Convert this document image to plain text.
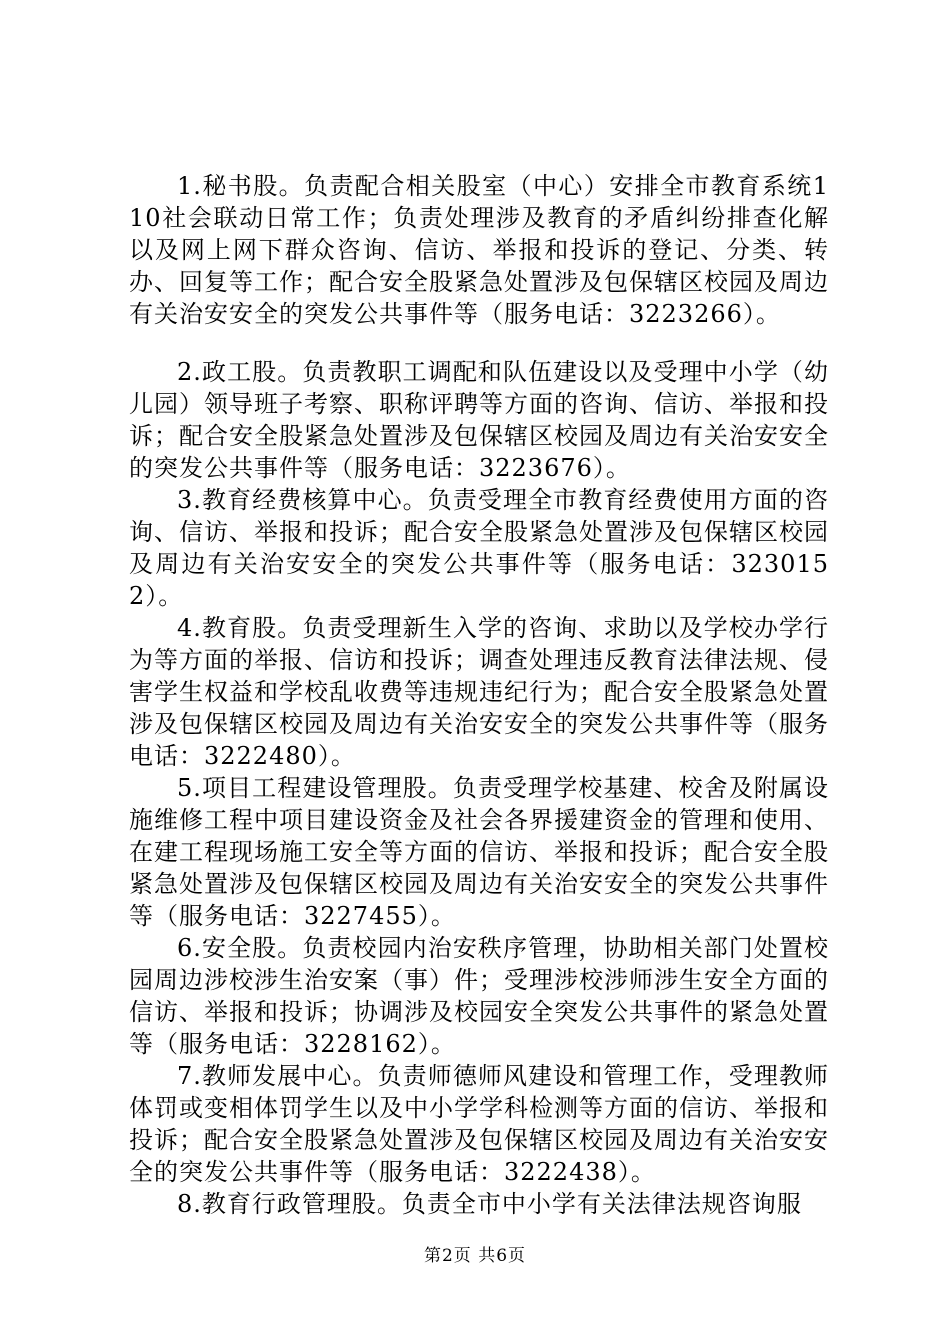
1.秘书股。负责配合相关股室（中心）安排全市教育系统110社会联动日常工作；负责处理涉及教育的矛盾纠纷排查化解以及网上网下群众咨询、信访、举报和投诉的登记、分类、转办、回复等工作；配合安全股紧急处置涉及包保辖区校园及周边有关治安安全的突发公共事件等（服务电话：3223266）。

2.政工股。负责教职工调配和队伍建设以及受理中小学（幼儿园）领导班子考察、职称评聘等方面的咨询、信访、举报和投诉；配合安全股紧急处置涉及包保辖区校园及周边有关治安安全的突发公共事件等（服务电话：3223676）。

3.教育经费核算中心。负责受理全市教育经费使用方面的咨询、信访、举报和投诉；配合安全股紧急处置涉及包保辖区校园及周边有关治安安全的突发公共事件等（服务电话：3230152）。

4.教育股。负责受理新生入学的咨询、求助以及学校办学行为等方面的举报、信访和投诉；调查处理违反教育法律法规、侵害学生权益和学校乱收费等违规违纪行为；配合安全股紧急处置涉及包保辖区校园及周边有关治安安全的突发公共事件等（服务电话：3222480）。

5.项目工程建设管理股。负责受理学校基建、校舍及附属设施维修工程中项目建设资金及社会各界援建资金的管理和使用、在建工程现场施工安全等方面的信访、举报和投诉；配合安全股紧急处置涉及包保辖区校园及周边有关治安安全的突发公共事件等（服务电话：3227455）。

6.安全股。负责校园内治安秩序管理，协助相关部门处置校园周边涉校涉生治安案（事）件；受理涉校涉师涉生安全方面的信访、举报和投诉；协调涉及校园安全突发公共事件的紧急处置等（服务电话：3228162）。

7.教师发展中心。负责师德师风建设和管理工作，受理教师体罚或变相体罚学生以及中小学学科检测等方面的信访、举报和投诉；配合安全股紧急处置涉及包保辖区校园及周边有关治安安全的突发公共事件等（服务电话：3222438）。

8.教育行政管理股。负责全市中小学有关法律法规咨询服

第2页 共6页
